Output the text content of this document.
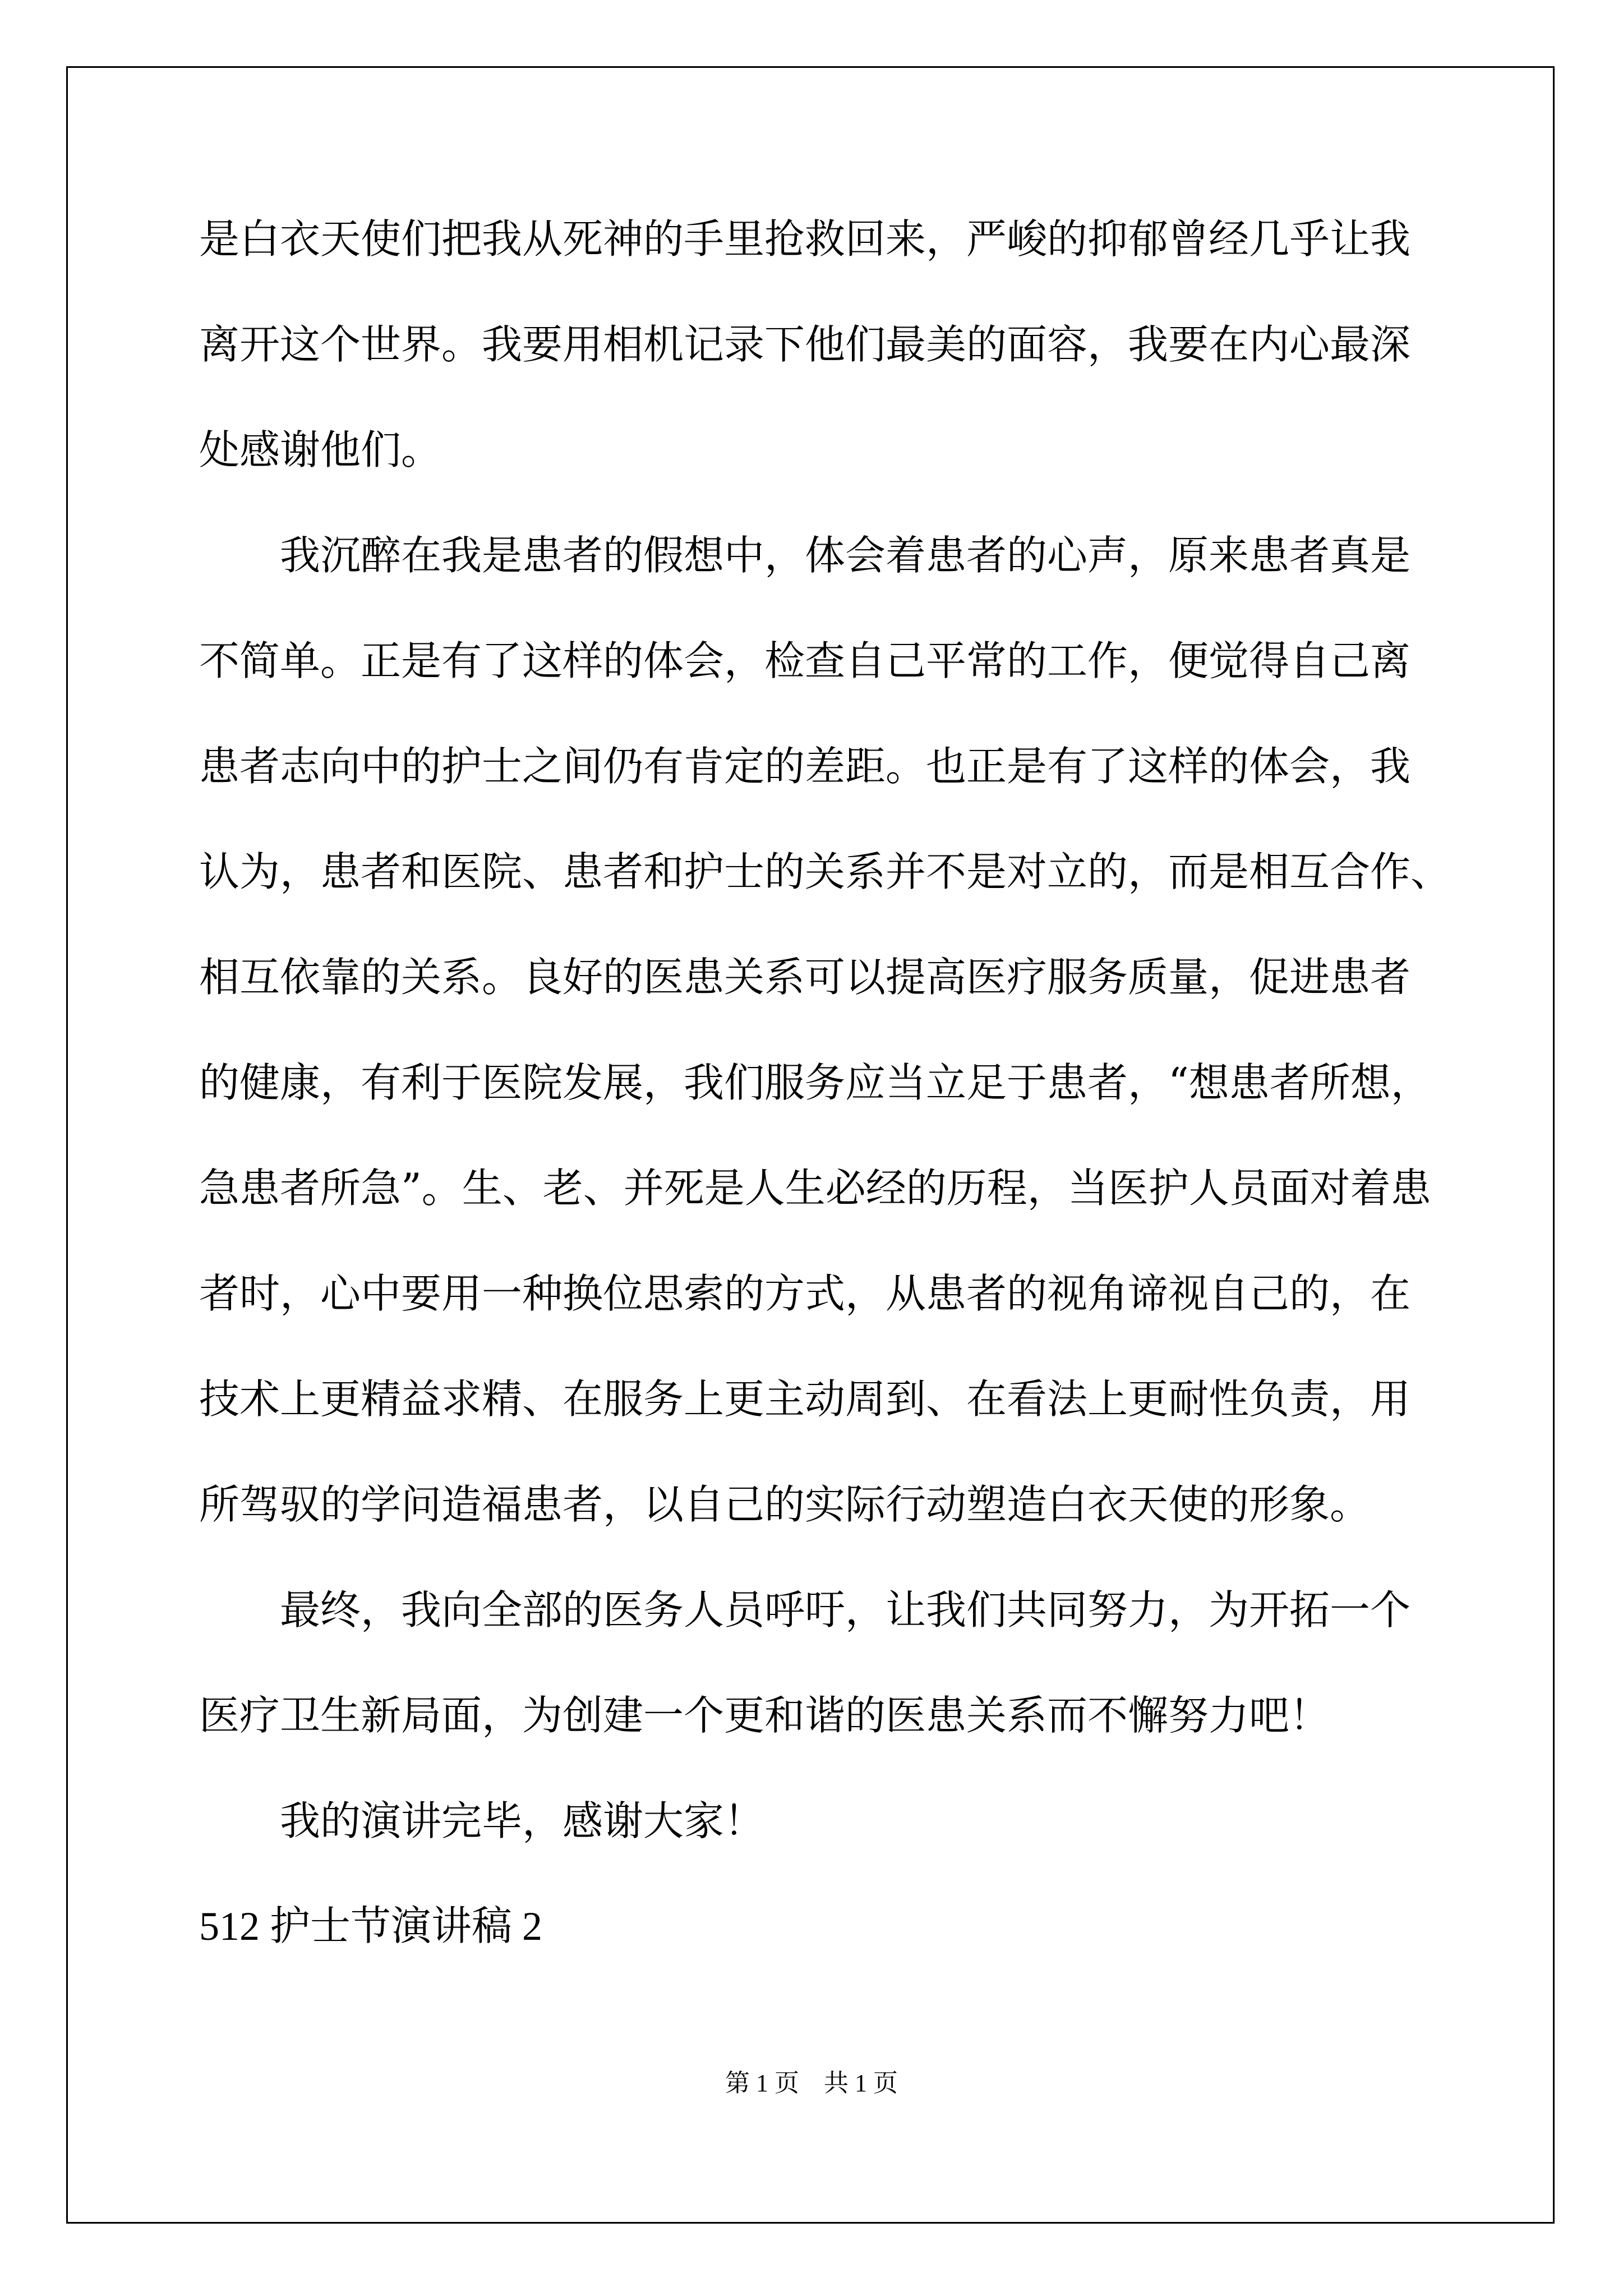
是白衣天使们把我从死神的手里抢救回来，严峻的抑郁曾经几乎让我

离开这个世界。我要用相机记录下他们最美的面容，我要在内心最深

处感谢他们。

我沉醉在我是患者的假想中，体会着患者的心声，原来患者真是

不简单。正是有了这样的体会，检查自己平常的工作，便觉得自己离

患者志向中的护士之间仍有肯定的差距。也正是有了这样的体会，我

认为，患者和医院、患者和护士的关系并不是对立的，而是相互合作、

相互依靠的关系。良好的医患关系可以提高医疗服务质量，促进患者

的健康，有利于医院发展，我们服务应当立足于患者，“想患者所想，

急患者所急”。生、老、并死是人生必经的历程，当医护人员面对着患

者时，心中要用一种换位思索的方式，从患者的视角谛视自己的，在

技术上更精益求精、在服务上更主动周到、在看法上更耐性负责，用

所驾驭的学问造福患者，以自己的实际行动塑造白衣天使的形象。

最终，我向全部的医务人员呼吁，让我们共同努力，为开拓一个

医疗卫生新局面，为创建一个更和谐的医患关系而不懈努力吧！

我的演讲完毕，感谢大家！

512 护士节演讲稿 2

第 1 页    共 1 页
